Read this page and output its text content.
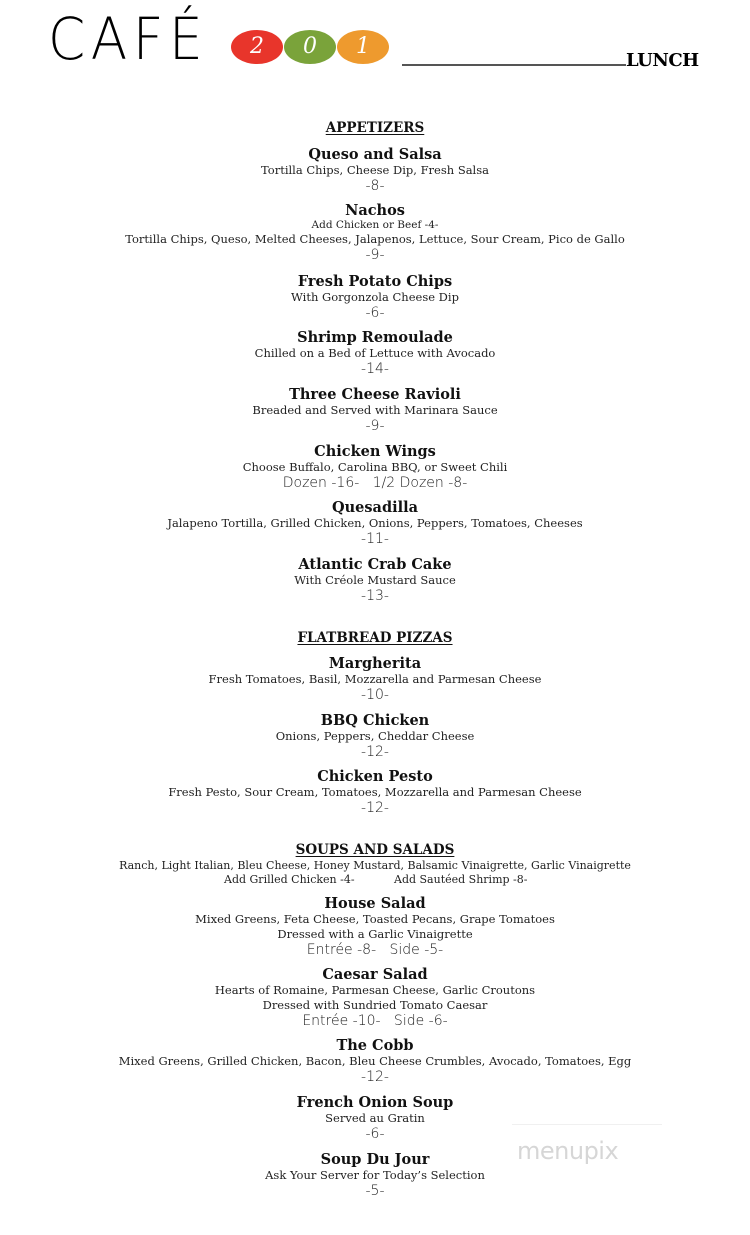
CAFÉ	2	0	1
LUNCH
APPETIZERS
Queso and Salsa
Tortilla Chips, Cheese Dip, Fresh Salsa
-8-
Nachos
Add Chicken or Beef -4-
Tortilla Chips, Queso, Melted Cheeses, Jalapenos, Lettuce, Sour Cream, Pico de Gallo
-9-
Fresh Potato Chips
With Gorgonzola Cheese Dip
-6-
Shrimp Remoulade
Chilled on a Bed of Lettuce with Avocado
-14-
Three Cheese Ravioli
Breaded and Served with Marinara Sauce
-9-
Chicken Wings
Choose Buffalo, Carolina BBQ, or Sweet Chili
Dozen -16-   1/2 Dozen -8-
Quesadilla
Jalapeno Tortilla, Grilled Chicken, Onions, Peppers, Tomatoes, Cheeses
-11-
Atlantic Crab Cake
With Créole Mustard Sauce
-13-
FLATBREAD PIZZAS
Margherita
Fresh Tomatoes, Basil, Mozzarella and Parmesan Cheese
-10-
BBQ Chicken
Onions, Peppers, Cheddar Cheese
-12-
Chicken Pesto
Fresh Pesto, Sour Cream, Tomatoes, Mozzarella and Parmesan Cheese
-12-
SOUPS AND SALADS
Ranch, Light Italian, Bleu Cheese, Honey Mustard, Balsamic Vinaigrette, Garlic Vinaigrette
Add Grilled Chicken -4-	Add Sautéed Shrimp -8-
House Salad
Mixed Greens, Feta Cheese, Toasted Pecans, Grape Tomatoes
Dressed with a Garlic Vinaigrette
Entrée -8-   Side -5-
Caesar Salad
Hearts of Romaine, Parmesan Cheese, Garlic Croutons
Dressed with Sundried Tomato Caesar
Entrée -10-   Side -6-
The Cobb
Mixed Greens, Grilled Chicken, Bacon, Bleu Cheese Crumbles, Avocado, Tomatoes, Egg
-12-
French Onion Soup
Served au Gratin
-6-
Soup Du Jour
Ask Your Server for Today’s Selection
-5-
menupix
